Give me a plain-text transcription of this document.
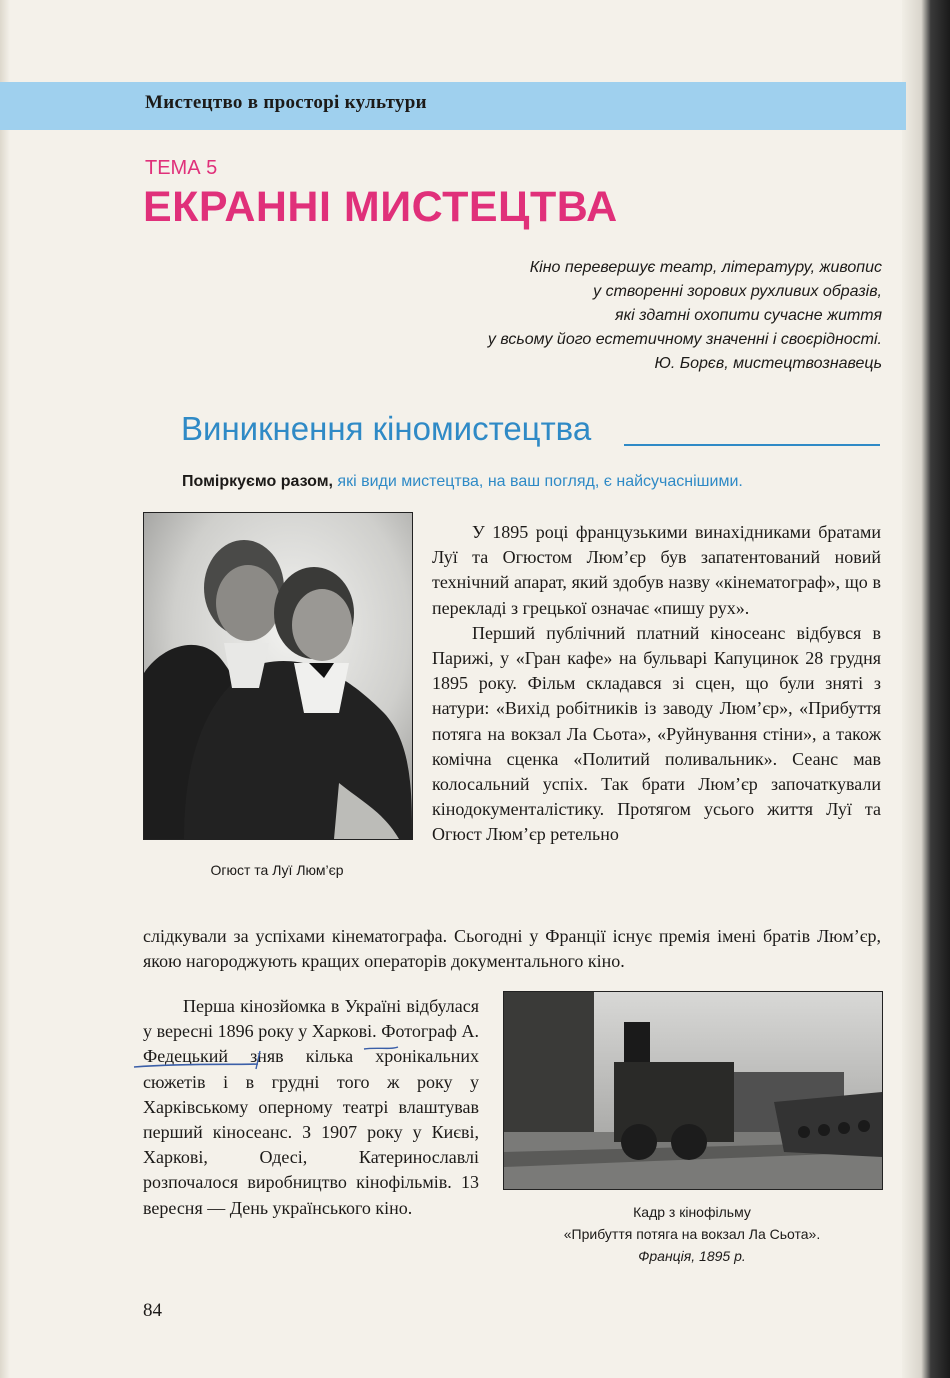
Мистецтво в просторі культури
ТЕМА 5
ЕКРАННІ МИСТЕЦТВА
Кіно перевершує театр, літературу, живопис
у створенні зорових рухливих образів,
які здатні охопити сучасне життя
у всьому його естетичному значенні і своєрідності.
Ю. Борєв, мистецтвознавець
Виникнення кіномистецтва
Поміркуємо разом, які види мистецтва, на ваш погляд, є найсучаснішими.
Огюст та Луї Люм’єр

У 1895 році французькими винахідниками братами Луї та Огюстом Люм’єр був запатентований новий технічний апарат, який здобув назву «кінематограф», що в перекладі з грецької означає «пишу рух».

Перший публічний платний кіносеанс відбувся в Парижі, у «Гран кафе» на бульварі Капуцинок 28 грудня 1895 року. Фільм складався зі сцен, що були зняті з натури: «Вихід робітників із заводу Люм’єр», «Прибуття потяга на вокзал Ла Сьота», «Руйнування стіни», а також комічна сценка «Политий поливальник». Сеанс мав колосальний успіх. Так брати Люм’єр започаткували кінодокументалістику. Протягом усього життя Луї та Огюст Люм’єр ретельно

слідкували за успіхами кінематографа. Сьогодні у Франції існує премія імені братів Люм’єр, якою нагороджують кращих операторів документального кіно.

Перша кінозйомка в Україні відбулася у вересні 1896 року у Харкові. Фотограф А. Федецький зняв кілька хронікальних сюжетів і в грудні того ж року у Харківському оперному театрі влаштував перший кіносеанс. З 1907 року у Києві, Харкові, Одесі, Катеринославлі розпочалося виробництво кінофільмів. 13 вересня — День українського кіно.	Кадр з кінофільму
«Прибуття потяга на вокзал Ла Сьота».
Франція, 1895 р.
84
